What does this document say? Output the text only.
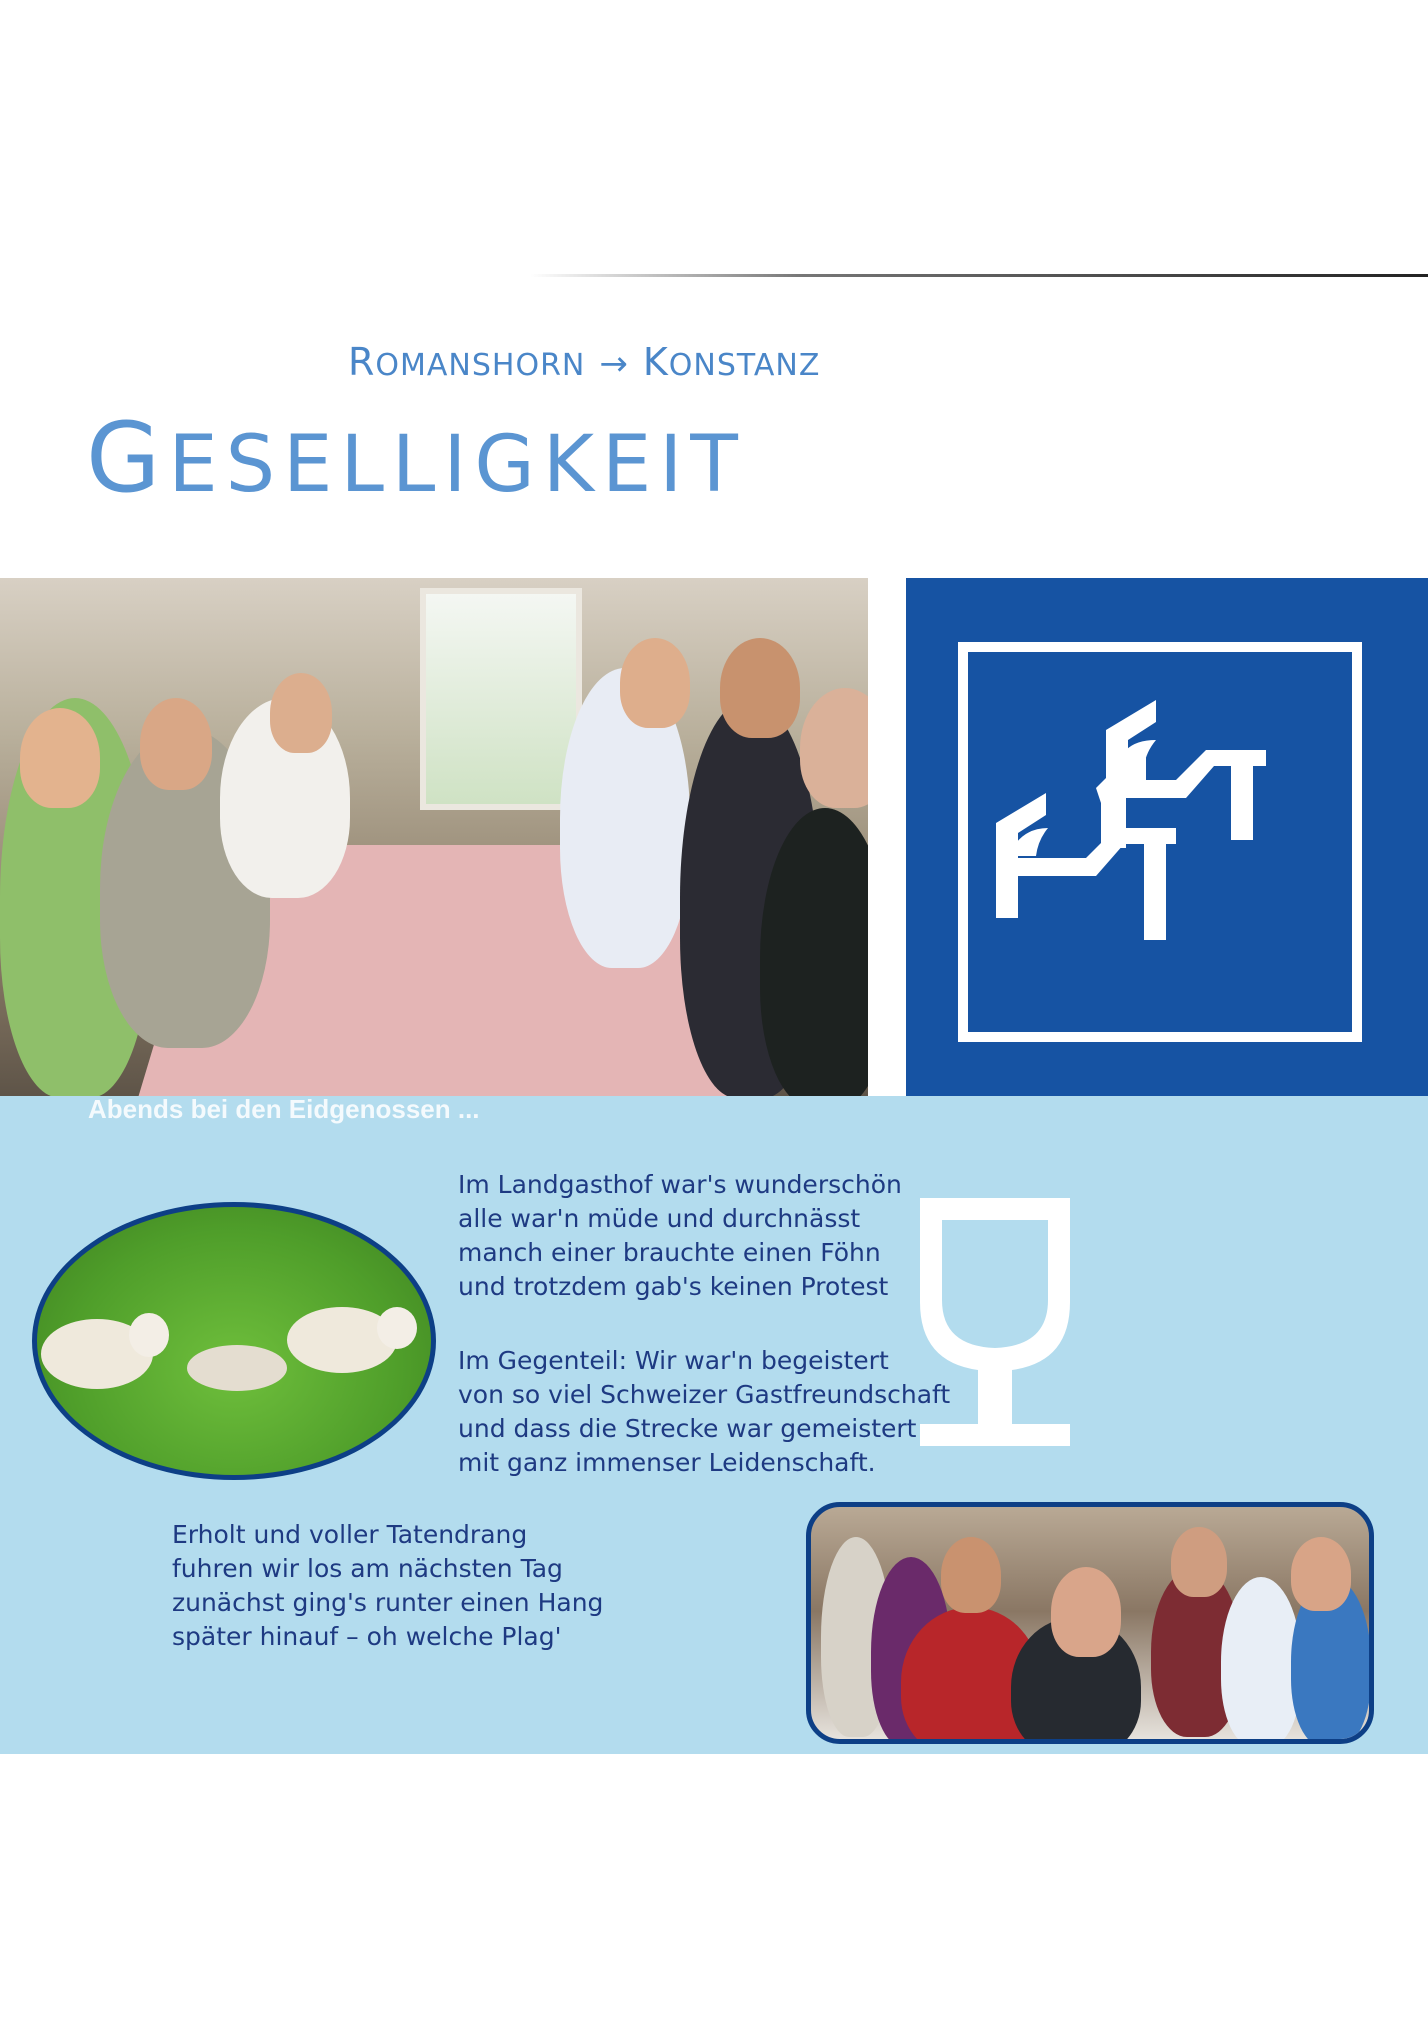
ROMANSHORN → KONSTANZ
GESELLIGKEIT
Abends bei den Eidgenossen ...

Im Landgasthof war's wunderschön

alle war'n müde und durchnässt

manch einer brauchte einen Föhn

und trotzdem gab's keinen Protest

Im Gegenteil: Wir war'n begeistert

von so viel Schweizer Gastfreundschaft

und dass die Strecke war gemeistert

mit ganz immenser Leidenschaft.

Erholt und voller Tatendrang

fuhren wir los am nächsten Tag

zunächst ging's runter einen Hang

später hinauf – oh welche Plag'
